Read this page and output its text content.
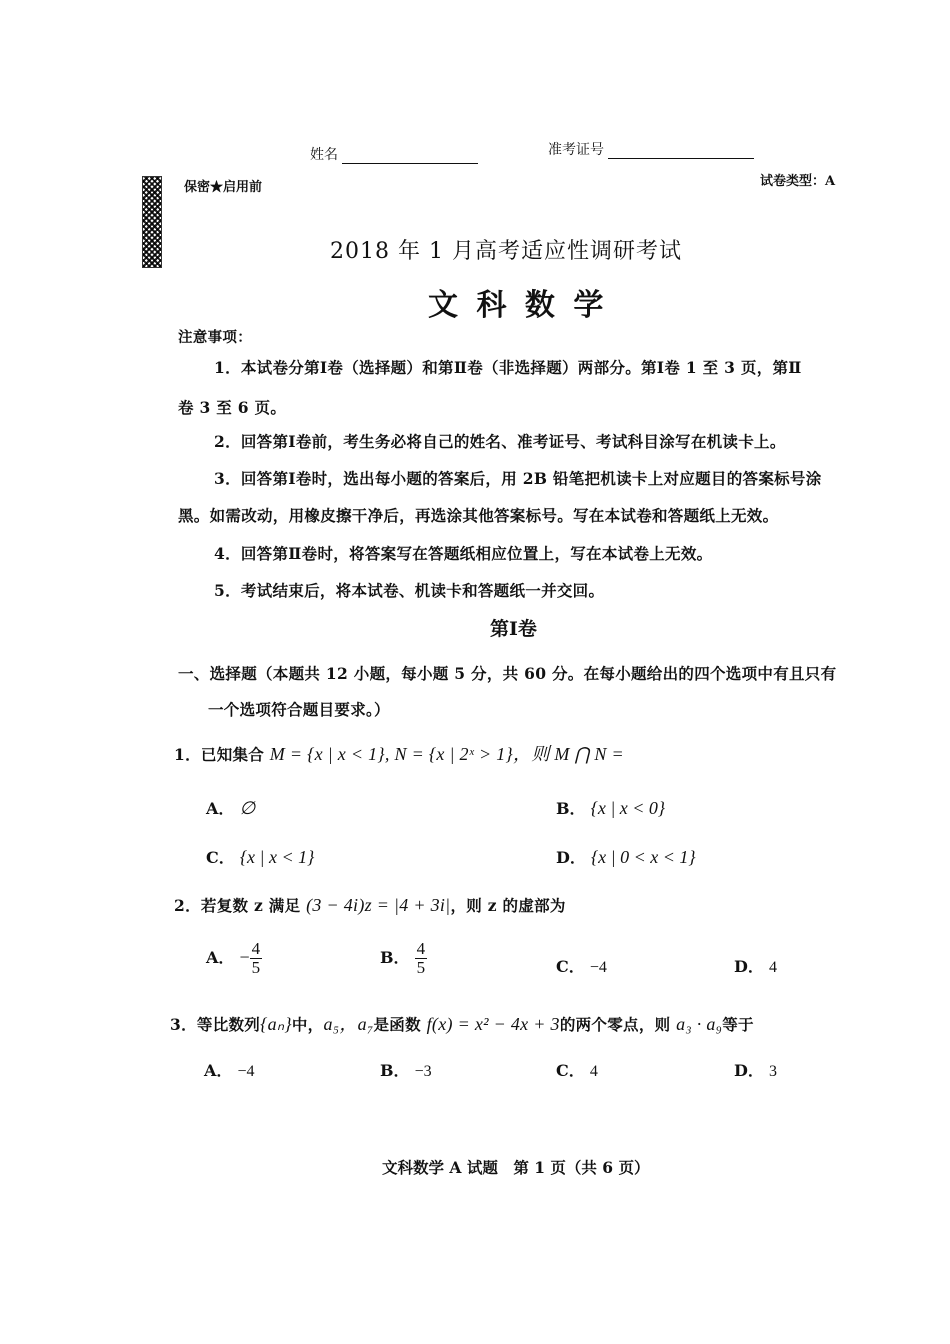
姓名	准考证号
保密★启用前	试卷类型：A
2018 年 1 月高考适应性调研考试
文 科 数 学
注意事项：
1．本试卷分第Ⅰ卷（选择题）和第Ⅱ卷（非选择题）两部分。第Ⅰ卷 1 至 3 页，第Ⅱ
卷 3 至 6 页。
2．回答第Ⅰ卷前，考生务必将自己的姓名、准考证号、考试科目涂写在机读卡上。
3．回答第Ⅰ卷时，选出每小题的答案后，用 2B 铅笔把机读卡上对应题目的答案标号涂
黑。如需改动，用橡皮擦干净后，再选涂其他答案标号。写在本试卷和答题纸上无效。
4．回答第Ⅱ卷时，将答案写在答题纸相应位置上，写在本试卷上无效。
5．考试结束后，将本试卷、机读卡和答题纸一并交回。
第Ⅰ卷
一、选择题（本题共 12 小题，每小题 5 分，共 60 分。在每小题给出的四个选项中有且只有
一个选项符合题目要求。）
1．已知集合 M = {x | x < 1}, N = {x | 2ˣ > 1}，则 M ⋂ N =
A． ∅	B． {x | x < 0}
C． {x | x < 1}	D． {x | 0 < x < 1}
2．若复数 z 满足 (3 − 4i)z = |4 + 3i|，则 z 的虚部为
A． − $\frac{4}{5}$	B． $\frac{4}{5}$	C． −4	D． 4
3．等比数列{aₙ}中，a₅，a₇是函数 f(x) = x² − 4x + 3的两个零点，则 a₃ · a₉等于
A． −4	B． −3	C． 4	D． 3
文科数学 A 试题　第 1 页（共 6 页）
